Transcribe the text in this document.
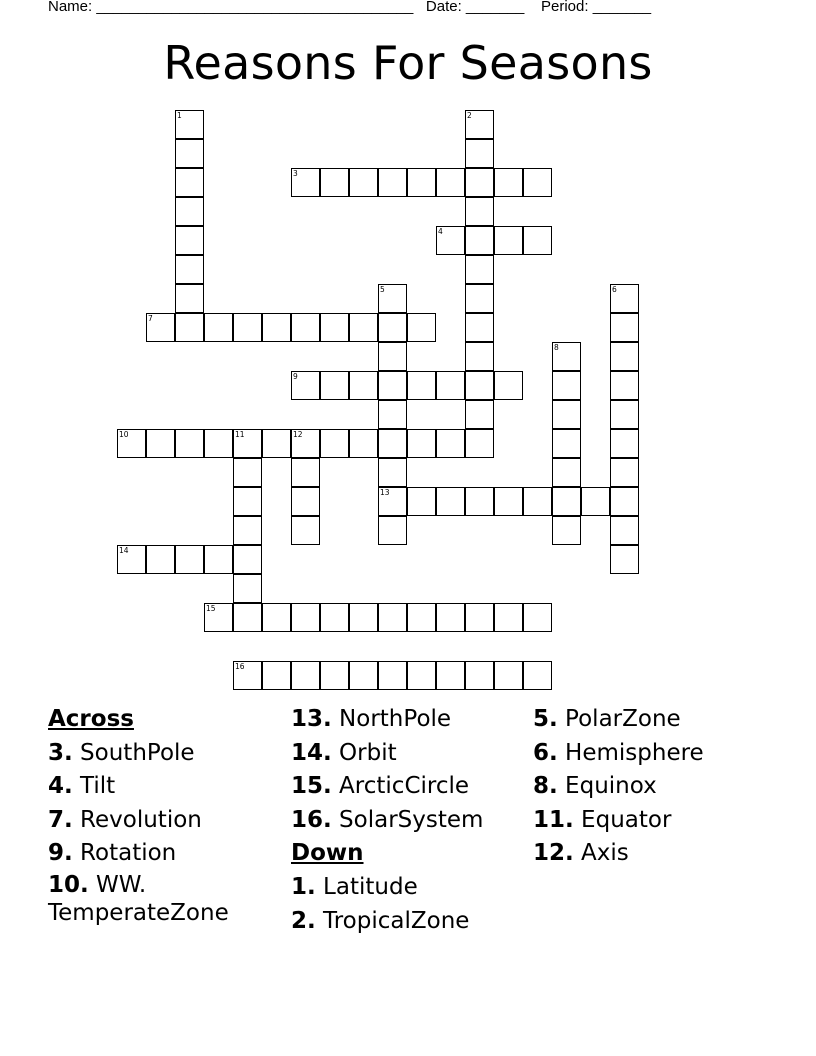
Name: ______________________________________ Date: _______ Period: _______
Reasons For Seasons
1	2
3
4
5	6
7
8
9
10	11	12
13
14
15
16
Across
3. SouthPole
4. Tilt
7. Revolution
9. Rotation
10. WW. TemperateZone
13. NorthPole
14. Orbit
15. ArcticCircle
16. SolarSystem
Down
1. Latitude
2. TropicalZone
5. PolarZone
6. Hemisphere
8. Equinox
11. Equator
12. Axis
